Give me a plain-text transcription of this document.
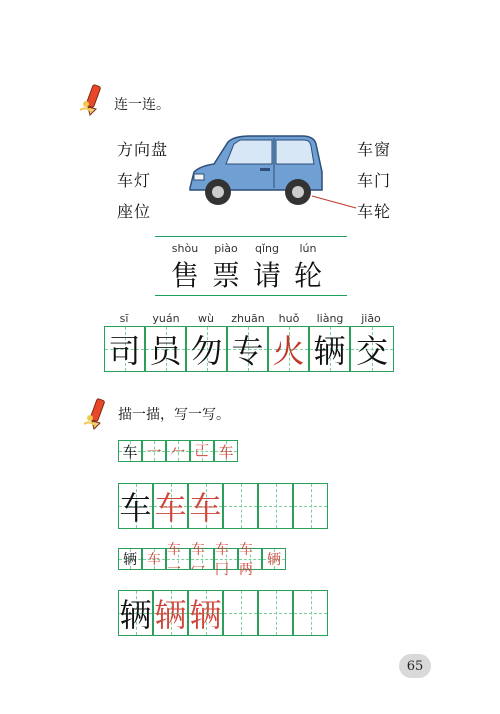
连一连。
方向盘
车灯
座位
车窗
车门
车轮
shòu	piào	qǐng	lún
售 票 请 轮
sī	yuán	wù	zhuān	huǒ	liàng	jiāo
司 员 勿 专 火 辆 交
描一描，写一写。
车 一 𠂉 𠀀 车
车 车 车
辆 车
车一
车冖
车冂
车两
辆
辆 辆 辆
65
